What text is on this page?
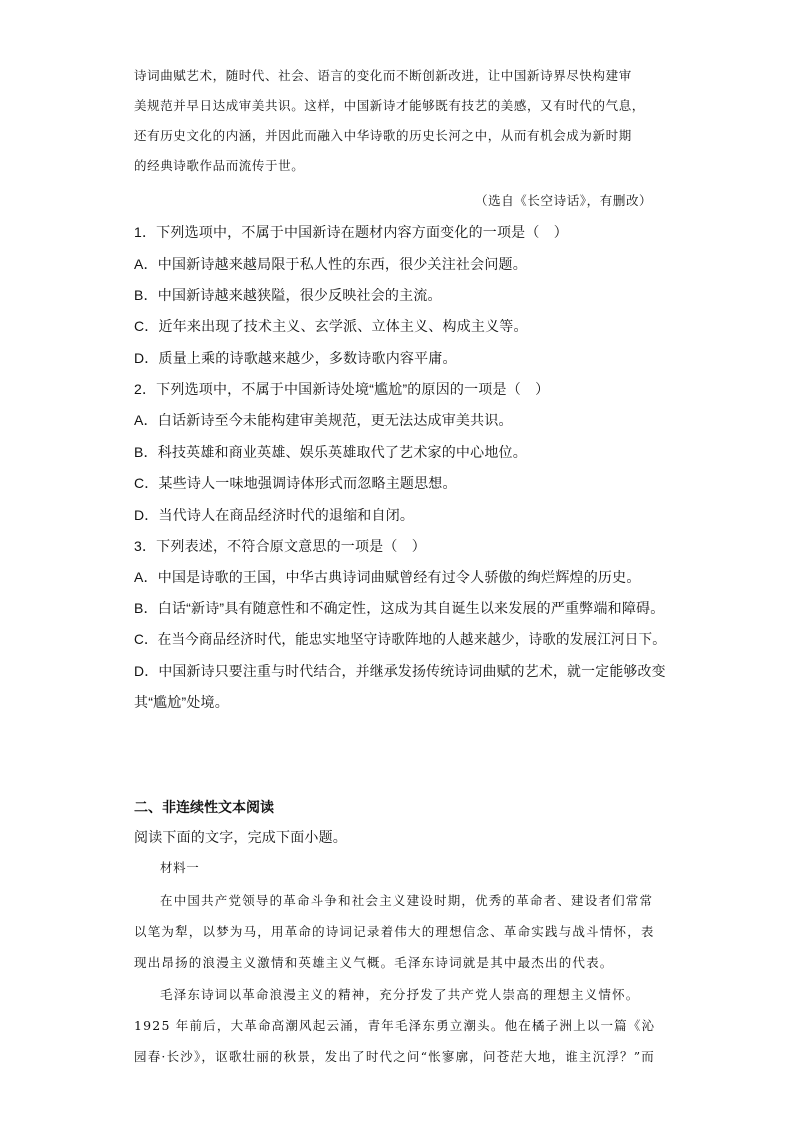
诗词曲赋艺术，随时代、社会、语言的变化而不断创新改进，让中国新诗界尽快构建审

美规范并早日达成审美共识。这样，中国新诗才能够既有技艺的美感，又有时代的气息，

还有历史文化的内涵，并因此而融入中华诗歌的历史长河之中，从而有机会成为新时期

的经典诗歌作品而流传于世。

（选自《长空诗话》，有删改）

1．下列选项中，不属于中国新诗在题材内容方面变化的一项是（　）

A．中国新诗越来越局限于私人性的东西，很少关注社会问题。

B．中国新诗越来越狭隘，很少反映社会的主流。

C．近年来出现了技术主义、玄学派、立体主义、构成主义等。

D．质量上乘的诗歌越来越少，多数诗歌内容平庸。

2．下列选项中，不属于中国新诗处境“尴尬”的原因的一项是（　）

A．白话新诗至今未能构建审美规范，更无法达成审美共识。

B．科技英雄和商业英雄、娱乐英雄取代了艺术家的中心地位。

C．某些诗人一味地强调诗体形式而忽略主题思想。

D．当代诗人在商品经济时代的退缩和自闭。

3．下列表述，不符合原文意思的一项是（　）

A．中国是诗歌的王国，中华古典诗词曲赋曾经有过令人骄傲的绚烂辉煌的历史。

B．白话“新诗”具有随意性和不确定性，这成为其自诞生以来发展的严重弊端和障碍。

C．在当今商品经济时代，能忠实地坚守诗歌阵地的人越来越少，诗歌的发展江河日下。

D．中国新诗只要注重与时代结合，并继承发扬传统诗词曲赋的艺术，就一定能够改变

其“尴尬”处境。

二、非连续性文本阅读

阅读下面的文字，完成下面小题。

材料一

在中国共产党领导的革命斗争和社会主义建设时期，优秀的革命者、建设者们常常

以笔为犁，以梦为马，用革命的诗词记录着伟大的理想信念、革命实践与战斗情怀，表

现出昂扬的浪漫主义激情和英雄主义气概。毛泽东诗词就是其中最杰出的代表。

毛泽东诗词以革命浪漫主义的精神，充分抒发了共产党人崇高的理想主义情怀。

1925 年前后，大革命高潮风起云涌，青年毛泽东勇立潮头。他在橘子洲上以一篇《沁

园春·长沙》，讴歌壮丽的秋景，发出了时代之问“怅寥廓，问苍茫大地，谁主沉浮？”而
